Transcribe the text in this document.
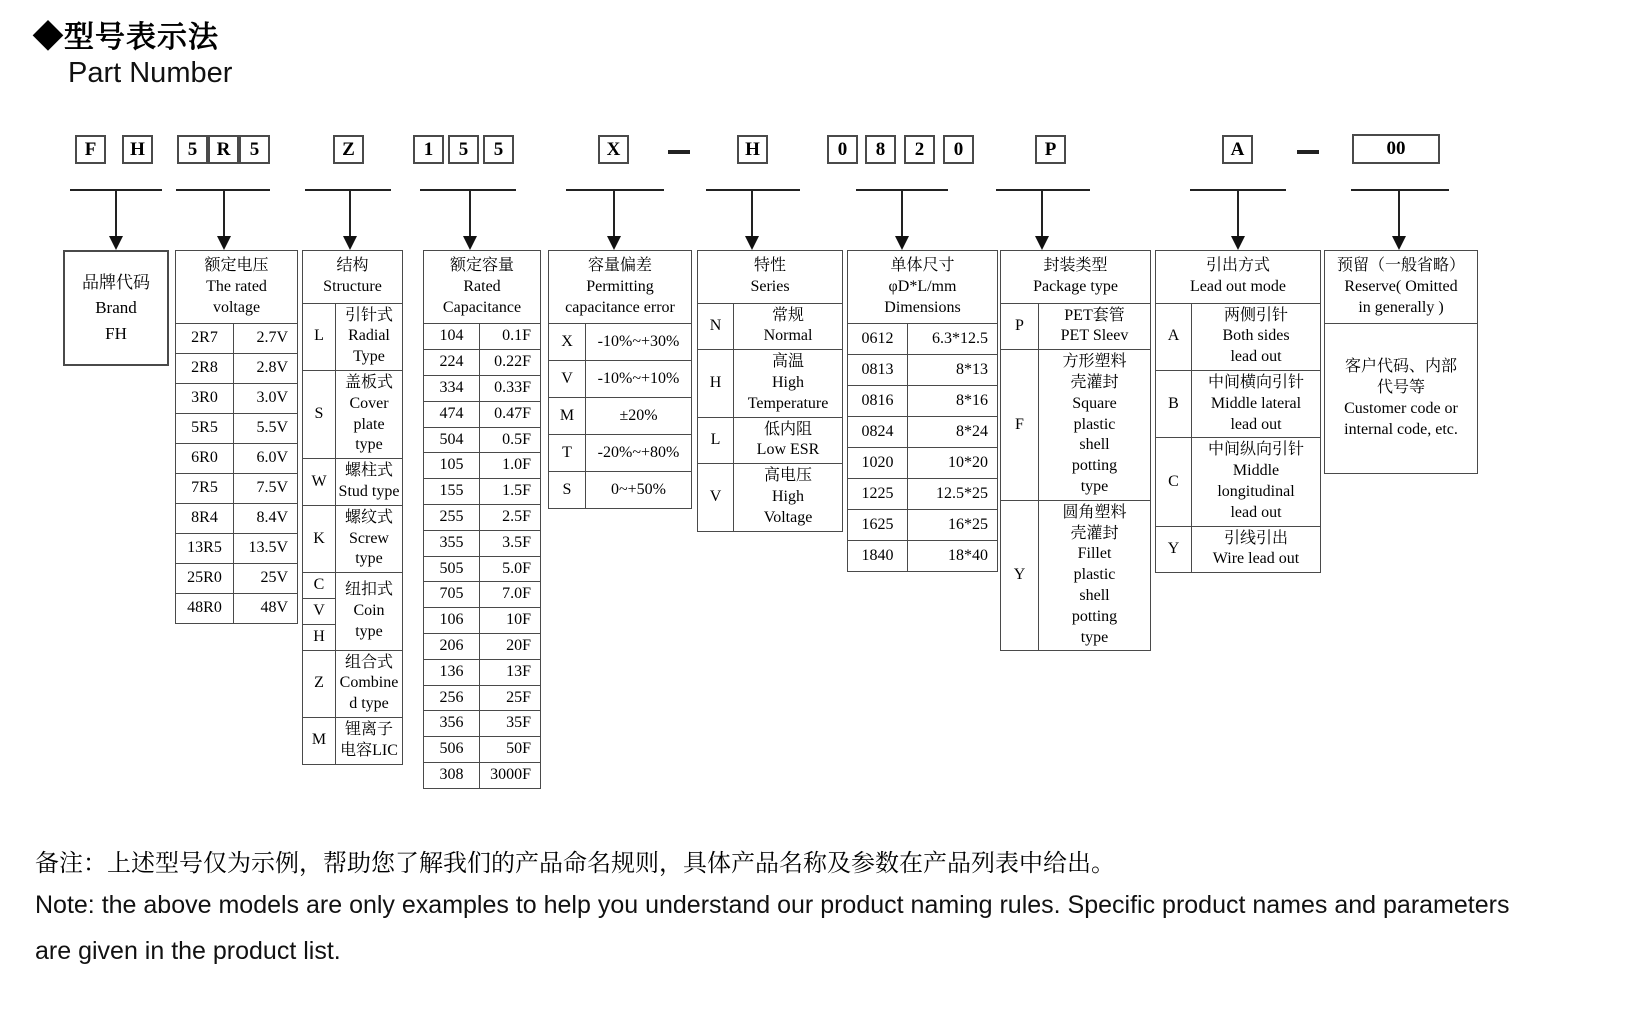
◆型号表示法
Part Number
F	H	5	R	5	Z	1	5	5	X	H	0	8	2	0	P	A	00
品牌代码
Brand
FH
额定电压
The rated
voltage	

2R7	2.7V
2R8	2.8V
3R0	3.0V
5R5	5.5V
6R0	6.0V
7R5	7.5V
8R4	8.4V
13R5	13.5V
25R0	25V
48R0	48V
结构
Structure	

L	引针式
Radial
Type

S	盖板式
Cover
plate
type

W	螺柱式
Stud type

K	螺纹式
Screw
type

C	纽扣式
Coin
type

V	
H	
Z	组合式
Combine
d type

M	锂离子
电容LIC
额定容量
Rated
Capacitance	

104	0.1F
224	0.22F
334	0.33F
474	0.47F
504	0.5F
105	1.0F
155	1.5F
255	2.5F
355	3.5F
505	5.0F
705	7.0F
106	10F
206	20F
136	13F
256	25F
356	35F
506	50F
308	3000F
容量偏差
Permitting
capacitance error	

X	-10%~+30%
V	-10%~+10%
M	±20%
T	-20%~+80%
S	0~+50%
特性
Series	

N	常规
Normal

H	高温
High
Temperature

L	低内阻
Low ESR

V	高电压
High
Voltage
单体尺寸
φD*L/mm
Dimensions	

0612	6.3*12.5
0813	8*13
0816	8*16
0824	8*24
1020	10*20
1225	12.5*25
1625	16*25
1840	18*40
封装类型
Package type	

P	PET套管
PET Sleev

F	
方形塑料
壳灌封
Square
plastic
shell
potting
type

Y	
圆角塑料
壳灌封
Fillet
plastic
shell
potting
type
引出方式
Lead out mode	

A	两侧引针
Both sides
lead out

B	中间横向引针
Middle lateral
lead out

C	中间纵向引针
Middle
longitudinal
lead out

Y	引线引出
Wire lead out
预留（一般省略）
Reserve( Omitted
in generally )

客户代码、内部
代号等
Customer code or
internal code, etc.
备注：上述型号仅为示例，帮助您了解我们的产品命名规则，具体产品名称及参数在产品列表中给出。
Note: the above models are only examples to help you understand our product naming rules. Specific product names and parameters are given in the product list.
